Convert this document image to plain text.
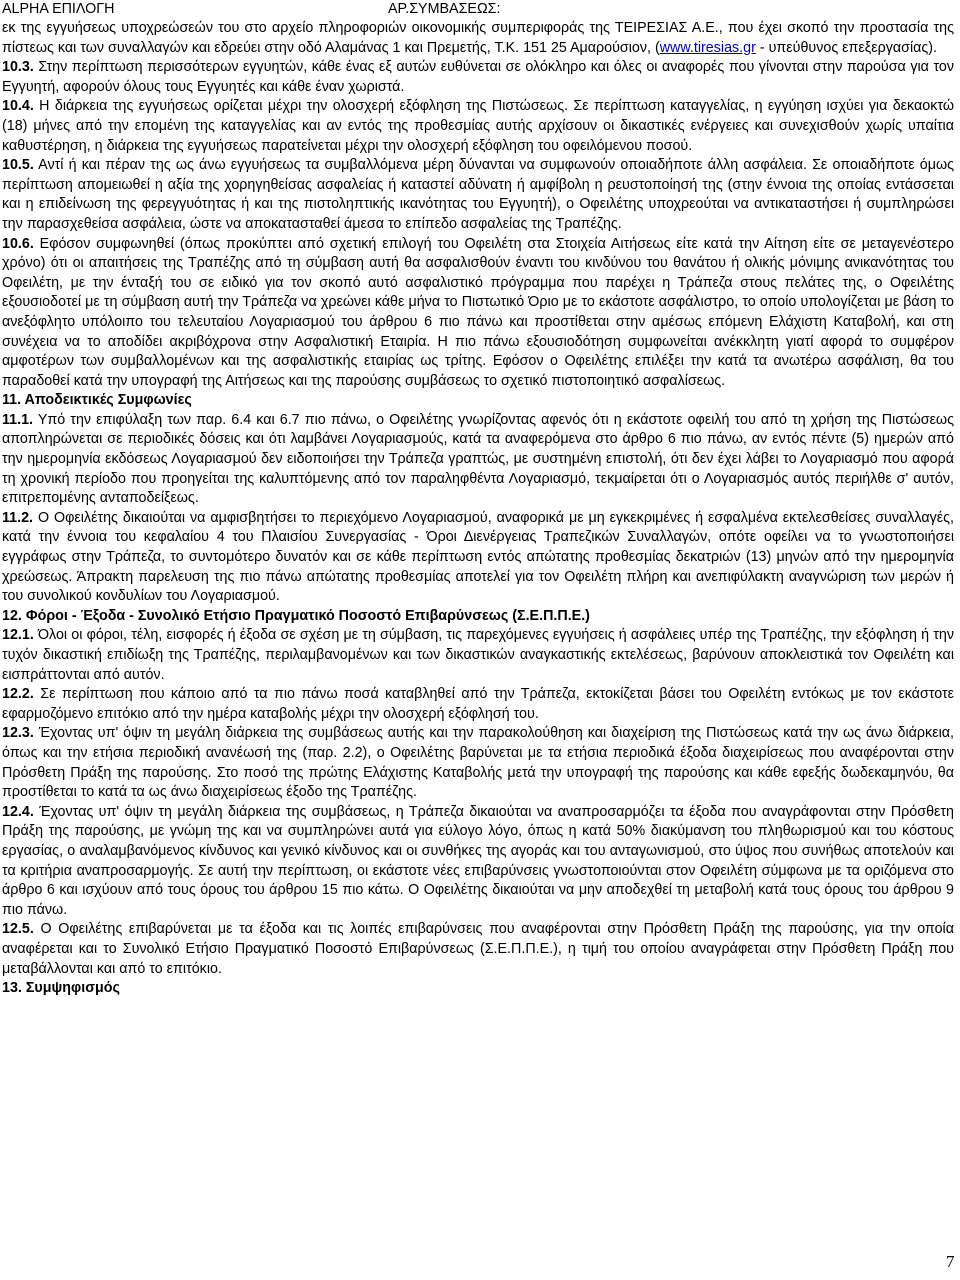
ALPHA ΕΠΙΛΟΓΗ	ΑΡ.ΣΥΜΒΑΣΕΩΣ:

εκ της εγγυήσεως υποχρεώσεών του στο αρχείο πληροφοριών οικονομικής συμπεριφοράς της ΤΕΙΡΕΣΙΑΣ Α.Ε., που έχει σκοπό την προστασία της πίστεως και των συναλλαγών και εδρεύει στην οδό Αλαμάνας 1 και Πρεμετής, Τ.Κ. 151 25 Αμαρούσιον, (www.tiresias.gr - υπεύθυνος επεξεργασίας).

10.3. Στην περίπτωση περισσότερων εγγυητών, κάθε ένας εξ αυτών ευθύνεται σε ολόκληρο και όλες οι αναφορές που γίνονται στην παρούσα για τον Εγγυητή, αφορούν όλους τους Εγγυητές και κάθε έναν χωριστά.

10.4. Η διάρκεια της εγγυήσεως ορίζεται μέχρι την ολοσχερή εξόφληση της Πιστώσεως. Σε περίπτωση καταγγελίας, η εγγύηση ισχύει για δεκαοκτώ (18) μήνες από την επομένη της καταγγελίας και αν εντός της προθεσμίας αυτής αρχίσουν οι δικαστικές ενέργειες και συνεχισθούν χωρίς υπαίτια καθυστέρηση, η διάρκεια της εγγυήσεως παρατείνεται μέχρι την ολοσχερή εξόφληση του οφειλόμενου ποσού.

10.5. Αντί ή και πέραν της ως άνω εγγυήσεως τα συμβαλλόμενα μέρη δύνανται να συμφωνούν οποιαδήποτε άλλη ασφάλεια. Σε οποιαδήποτε όμως περίπτωση απομειωθεί η αξία της χορηγηθείσας ασφαλείας ή καταστεί αδύνατη ή αμφίβολη η ρευστοποίησή της (στην έννοια της οποίας εντάσσεται και η επιδείνωση της φερεγγυότητας ή και της πιστοληπτικής ικανότητας του Εγγυητή), ο Οφειλέτης υποχρεούται να αντικαταστήσει ή συμπληρώσει την παρασχεθείσα ασφάλεια, ώστε να αποκατασταθεί άμεσα το επίπεδο ασφαλείας της Τραπέζης.

10.6. Εφόσον συμφωνηθεί (όπως προκύπτει από σχετική επιλογή του Οφειλέτη στα Στοιχεία Αιτήσεως είτε κατά την Αίτηση είτε σε μεταγενέστερο χρόνο) ότι οι απαιτήσεις της Τραπέζης από τη σύμβαση αυτή θα ασφαλισθούν έναντι του κινδύνου του θανάτου ή ολικής μόνιμης ανικανότητας του Οφειλέτη, με την ένταξή του σε ειδικό για τον σκοπό αυτό ασφαλιστικό πρόγραμμα που παρέχει η Τράπεζα στους πελάτες της, ο Οφειλέτης εξουσιοδοτεί με τη σύμβαση αυτή την Τράπεζα να χρεώνει κάθε μήνα το Πιστωτικό Όριο με το εκάστοτε ασφάλιστρο, το οποίο υπολογίζεται με βάση το ανεξόφλητο υπόλοιπο του τελευταίου Λογαριασμού του άρθρου 6 πιο πάνω και προστίθεται στην αμέσως επόμενη Ελάχιστη Καταβολή, και στη συνέχεια να το αποδίδει ακριβόχρονα στην Ασφαλιστική Εταιρία. Η πιο πάνω εξουσιοδότηση συμφωνείται ανέκκλητη γιατί αφορά το συμφέρον αμφοτέρων των συμβαλλομένων και της ασφαλιστικής εταιρίας ως τρίτης. Εφόσον ο Οφειλέτης επιλέξει την κατά τα ανωτέρω ασφάλιση, θα του παραδοθεί κατά την υπογραφή της Αιτήσεως και της παρούσης συμβάσεως το σχετικό πιστοποιητικό ασφαλίσεως.

11. Αποδεικτικές Συμφωνίες

11.1. Υπό την επιφύλαξη των παρ. 6.4 και 6.7 πιο πάνω, ο Οφειλέτης γνωρίζοντας αφενός ότι η εκάστοτε οφειλή του από τη χρήση της Πιστώσεως αποπληρώνεται σε περιοδικές δόσεις και ότι λαμβάνει Λογαριασμούς, κατά τα αναφερόμενα στο άρθρο 6 πιο πάνω, αν εντός πέντε (5) ημερών από την ημερομηνία εκδόσεως Λογαριασμού δεν ειδοποιήσει την Τράπεζα γραπτώς, με συστημένη επιστολή, ότι δεν έχει λάβει το Λογαριασμό που αφορά τη χρονική περίοδο που προηγείται της καλυπτόμενης από τον παραληφθέντα Λογαριασμό, τεκμαίρεται ότι ο Λογαριασμός αυτός περιήλθε σ' αυτόν, επιτρεπομένης ανταποδείξεως.

11.2. Ο Οφειλέτης δικαιούται να αμφισβητήσει το περιεχόμενο Λογαριασμού, αναφορικά με μη εγκεκριμένες ή εσφαλμένα εκτελεσθείσες συναλλαγές, κατά την έννοια του κεφαλαίου 4 του Πλαισίου Συνεργασίας - Όροι Διενέργειας Τραπεζικών Συναλλαγών, οπότε οφείλει να το γνωστοποιήσει εγγράφως στην Τράπεζα, το συντομότερο δυνατόν και σε κάθε περίπτωση εντός απώτατης προθεσμίας δεκατριών (13) μηνών από την ημερομηνία χρεώσεως. Άπρακτη παρελευση της πιο πάνω απώτατης προθεσμίας αποτελεί για τον Οφειλέτη πλήρη και ανεπιφύλακτη αναγνώριση των μερών ή του συνολικού κονδυλίων του Λογαριασμού.

12. Φόροι - Έξοδα - Συνολικό Ετήσιο Πραγματικό Ποσοστό Επιβαρύνσεως (Σ.Ε.Π.Π.Ε.)

12.1. Όλοι οι φόροι, τέλη, εισφορές ή έξοδα σε σχέση με τη σύμβαση, τις παρεχόμενες εγγυήσεις ή ασφάλειες υπέρ της Τραπέζης, την εξόφληση ή την τυχόν δικαστική επιδίωξη της Τραπέζης, περιλαμβανομένων και των δικαστικών αναγκαστικής εκτελέσεως, βαρύνουν αποκλειστικά τον Οφειλέτη και εισπράττονται από αυτόν.

12.2. Σε περίπτωση που κάποιο από τα πιο πάνω ποσά καταβληθεί από την Τράπεζα, εκτοκίζεται βάσει του Οφειλέτη εντόκως με τον εκάστοτε εφαρμοζόμενο επιτόκιο από την ημέρα καταβολής μέχρι την ολοσχερή εξόφλησή του.

12.3. Έχοντας υπ' όψιν τη μεγάλη διάρκεια της συμβάσεως αυτής και την παρακολούθηση και διαχείριση της Πιστώσεως κατά την ως άνω διάρκεια, όπως και την ετήσια περιοδική ανανέωσή της (παρ. 2.2), ο Οφειλέτης βαρύνεται με τα ετήσια περιοδικά έξοδα διαχειρίσεως που αναφέρονται στην Πρόσθετη Πράξη της παρούσης. Στο ποσό της πρώτης Ελάχιστης Καταβολής μετά την υπογραφή της παρούσης και κάθε εφεξής δωδεκαμηνόυ, θα προστίθεται το κατά τα ως άνω διαχειρίσεως έξοδο της Τραπέζης.

12.4. Έχοντας υπ' όψιν τη μεγάλη διάρκεια της συμβάσεως, η Τράπεζα δικαιούται να αναπροσαρμόζει τα έξοδα που αναγράφονται στην Πρόσθετη Πράξη της παρούσης, με γνώμη της και να συμπληρώνει αυτά για εύλογο λόγο, όπως η κατά 50% διακύμανση του πληθωρισμού και του κόστους εργασίας, ο αναλαμβανόμενος κίνδυνος και γενικό κίνδυνος και οι συνθήκες της αγοράς και του ανταγωνισμού, στο ύψος που συνήθως αποτελούν και τα κριτήρια αναπροσαρμογής. Σε αυτή την περίπτωση, οι εκάστοτε νέες επιβαρύνσεις γνωστοποιούνται στον Οφειλέτη σύμφωνα με τα οριζόμενα στο άρθρο 6 και ισχύουν από τους όρους του άρθρου 15 πιο κάτω. Ο Οφειλέτης δικαιούται να μην αποδεχθεί τη μεταβολή κατά τους όρους του άρθρου 9 πιο πάνω.

12.5. Ο Οφειλέτης επιβαρύνεται με τα έξοδα και τις λοιπές επιβαρύνσεις που αναφέρονται στην Πρόσθετη Πράξη της παρούσης, για την οποία αναφέρεται και το Συνολικό Ετήσιο Πραγματικό Ποσοστό Επιβαρύνσεως (Σ.Ε.Π.Π.Ε.), η τιμή του οποίου αναγράφεται στην Πρόσθετη Πράξη που μεταβάλλονται και από το επιτόκιο.

13. Συμψηφισμός

7
